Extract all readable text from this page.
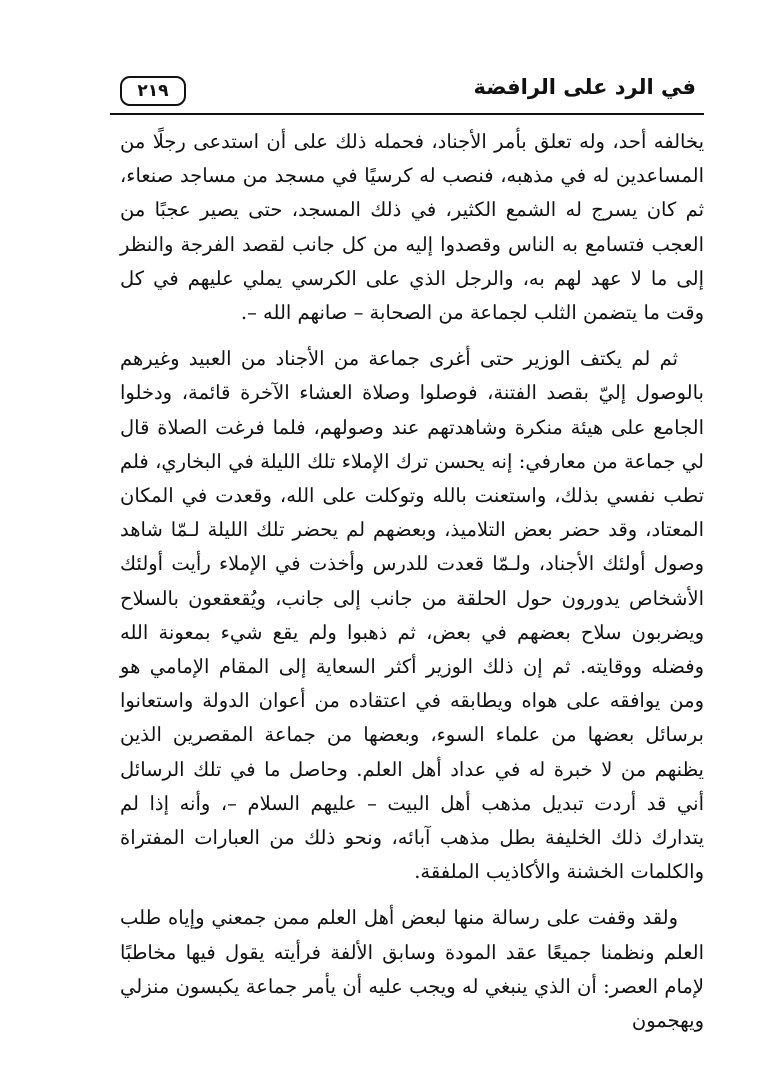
في الرد على الرافضة
٢١٩

يخالفه أحد، وله تعلق بأمر الأجناد، فحمله ذلك على أن استدعى رجلًا من المساعدين له في مذهبه، فنصب له كرسيًا في مسجد من مساجد صنعاء، ثم كان يسرج له الشمع الكثير، في ذلك المسجد، حتى يصير عجبًا من العجب فتسامع به الناس وقصدوا إليه من كل جانب لقصد الفرجة والنظر إلى ما لا عهد لهم به، والرجل الذي على الكرسي يملي عليهم في كل وقت ما يتضمن الثلب لجماعة من الصحابة – صانهم الله –.

ثم لم يكتف الوزير حتى أغرى جماعة من الأجناد من العبيد وغيرهم بالوصول إليّ بقصد الفتنة، فوصلوا وصلاة العشاء الآخرة قائمة، ودخلوا الجامع على هيئة منكرة وشاهدتهم عند وصولهم، فلما فرغت الصلاة قال لي جماعة من معارفي: إنه يحسن ترك الإملاء تلك الليلة في البخاري، فلم تطب نفسي بذلك، واستعنت بالله وتوكلت على الله، وقعدت في المكان المعتاد، وقد حضر بعض التلاميذ، وبعضهم لم يحضر تلك الليلة لـمّا شاهد وصول أولئك الأجناد، ولـمّا قعدت للدرس وأخذت في الإملاء رأيت أولئك الأشخاص يدورون حول الحلقة من جانب إلى جانب، ويُقعقعون بالسلاح ويضربون سلاح بعضهم في بعض، ثم ذهبوا ولم يقع شيء بمعونة الله وفضله ووقايته. ثم إن ذلك الوزير أكثر السعاية إلى المقام الإمامي هو ومن يوافقه على هواه ويطابقه في اعتقاده من أعوان الدولة واستعانوا برسائل بعضها من علماء السوء، وبعضها من جماعة المقصرين الذين يظنهم من لا خبرة له في عداد أهل العلم. وحاصل ما في تلك الرسائل أني قد أردت تبديل مذهب أهل البيت – عليهم السلام –، وأنه إذا لم يتدارك ذلك الخليفة بطل مذهب آبائه، ونحو ذلك من العبارات المفتراة والكلمات الخشنة والأكاذيب الملفقة.

ولقد وقفت على رسالة منها لبعض أهل العلم ممن جمعني وإياه طلب العلم ونظمنا جميعًا عقد المودة وسابق الألفة فرأيته يقول فيها مخاطبًا لإمام العصر: أن الذي ينبغي له ويجب عليه أن يأمر جماعة يكبسون منزلي ويهجمون
